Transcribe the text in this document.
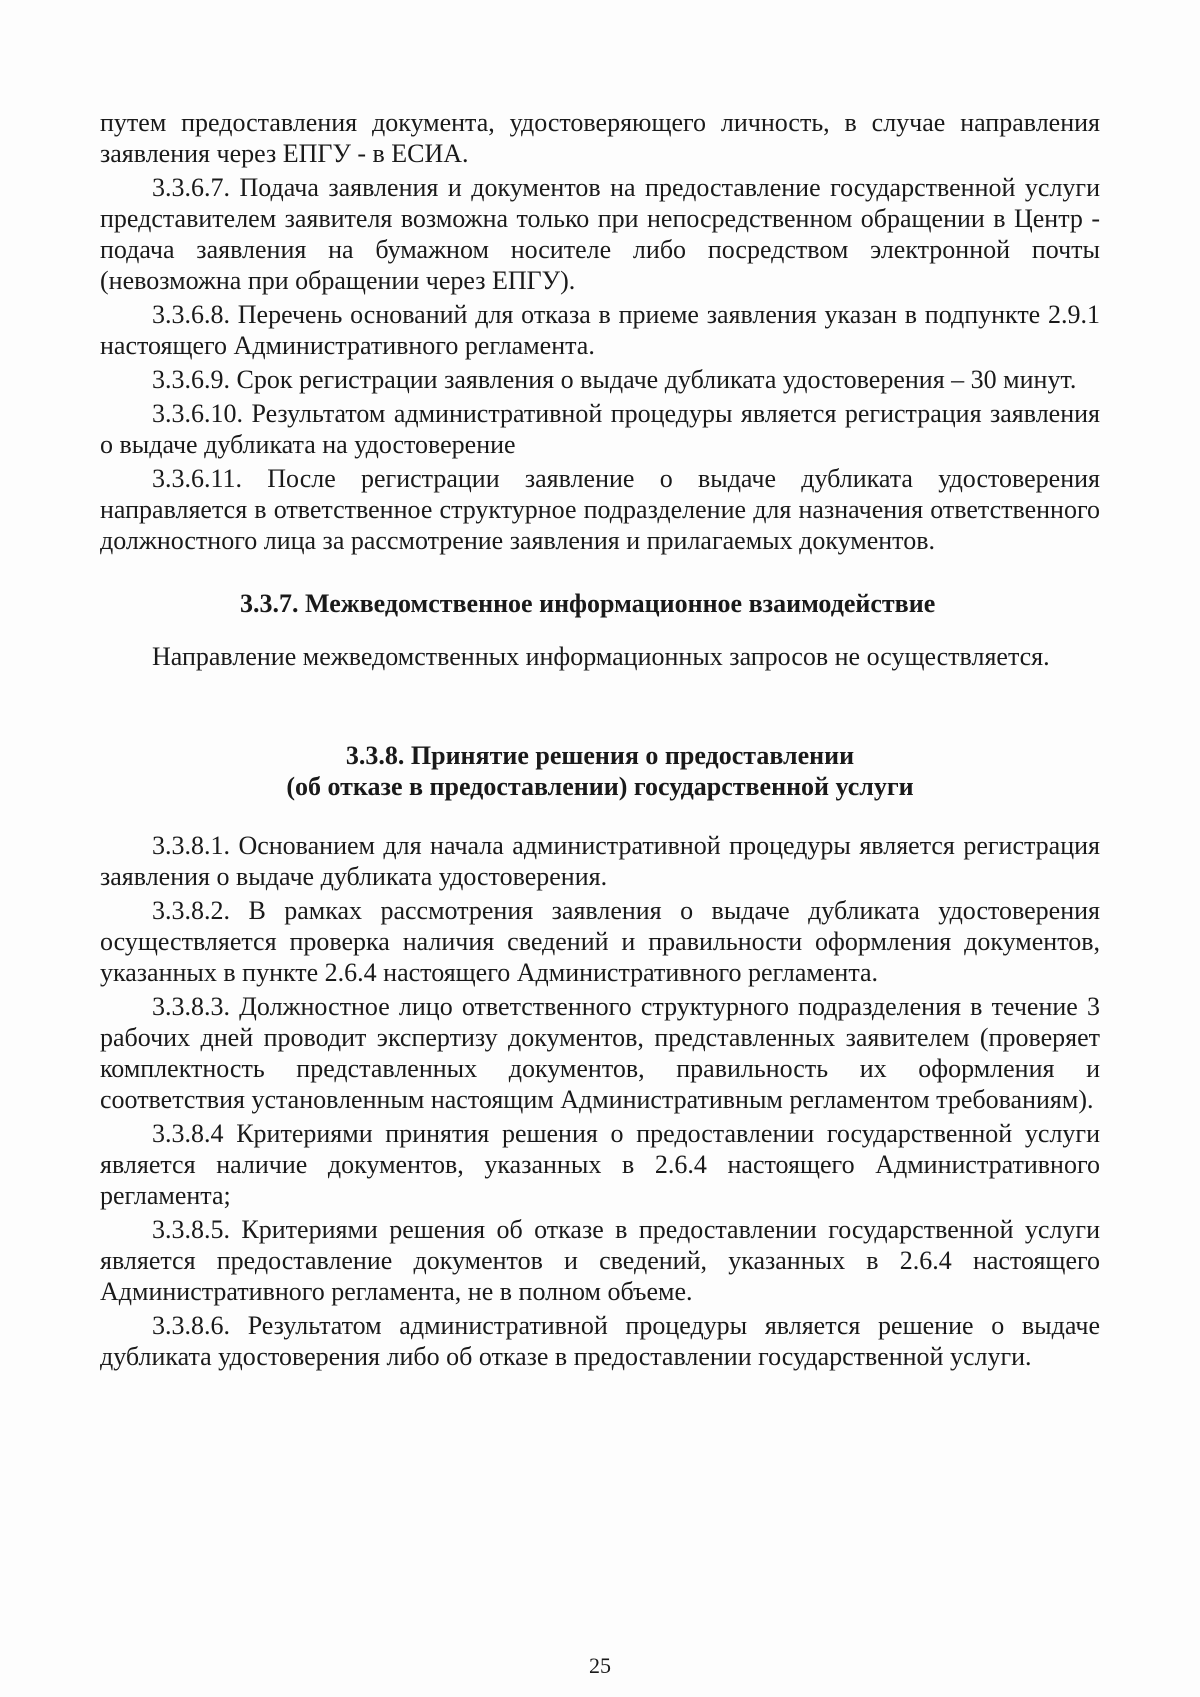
путем предоставления документа, удостоверяющего личность, в случае направления заявления через ЕПГУ - в ЕСИА.

3.3.6.7. Подача заявления и документов на предоставление государственной услуги представителем заявителя возможна только при непосредственном обращении в Центр - подача заявления на бумажном носителе либо посредством электронной почты (невозможна при обращении через ЕПГУ).

3.3.6.8. Перечень оснований для отказа в приеме заявления указан в подпункте 2.9.1 настоящего Административного регламента.

3.3.6.9. Срок регистрации заявления о выдаче дубликата удостоверения – 30 минут.

3.3.6.10. Результатом административной процедуры является регистрация заявления о выдаче дубликата на удостоверение

3.3.6.11. После регистрации заявление о выдаче дубликата удостоверения направляется в ответственное структурное подразделение для назначения ответственного должностного лица за рассмотрение заявления и прилагаемых документов.

3.3.7. Межведомственное информационное взаимодействие

Направление межведомственных информационных запросов не осуществляется.

3.3.8. Принятие решения о предоставлении
(об отказе в предоставлении) государственной услуги

3.3.8.1. Основанием для начала административной процедуры является регистрация заявления о выдаче дубликата удостоверения.

3.3.8.2. В рамках рассмотрения заявления о выдаче дубликата удостоверения осуществляется проверка наличия сведений и правильности оформления документов, указанных в пункте 2.6.4 настоящего Административного регламента.

3.3.8.3. Должностное лицо ответственного структурного подразделения в течение 3 рабочих дней проводит экспертизу документов, представленных заявителем (проверяет комплектность представленных документов, правильность их оформления и соответствия установленным настоящим Административным регламентом требованиям).

3.3.8.4 Критериями принятия решения о предоставлении государственной услуги является наличие документов, указанных в 2.6.4 настоящего Административного регламента;

3.3.8.5. Критериями решения об отказе в предоставлении государственной услуги является предоставление документов и сведений, указанных в 2.6.4 настоящего Административного регламента, не в полном объеме.

3.3.8.6. Результатом административной процедуры является решение о выдаче дубликата удостоверения либо об отказе в предоставлении государственной услуги.

25
